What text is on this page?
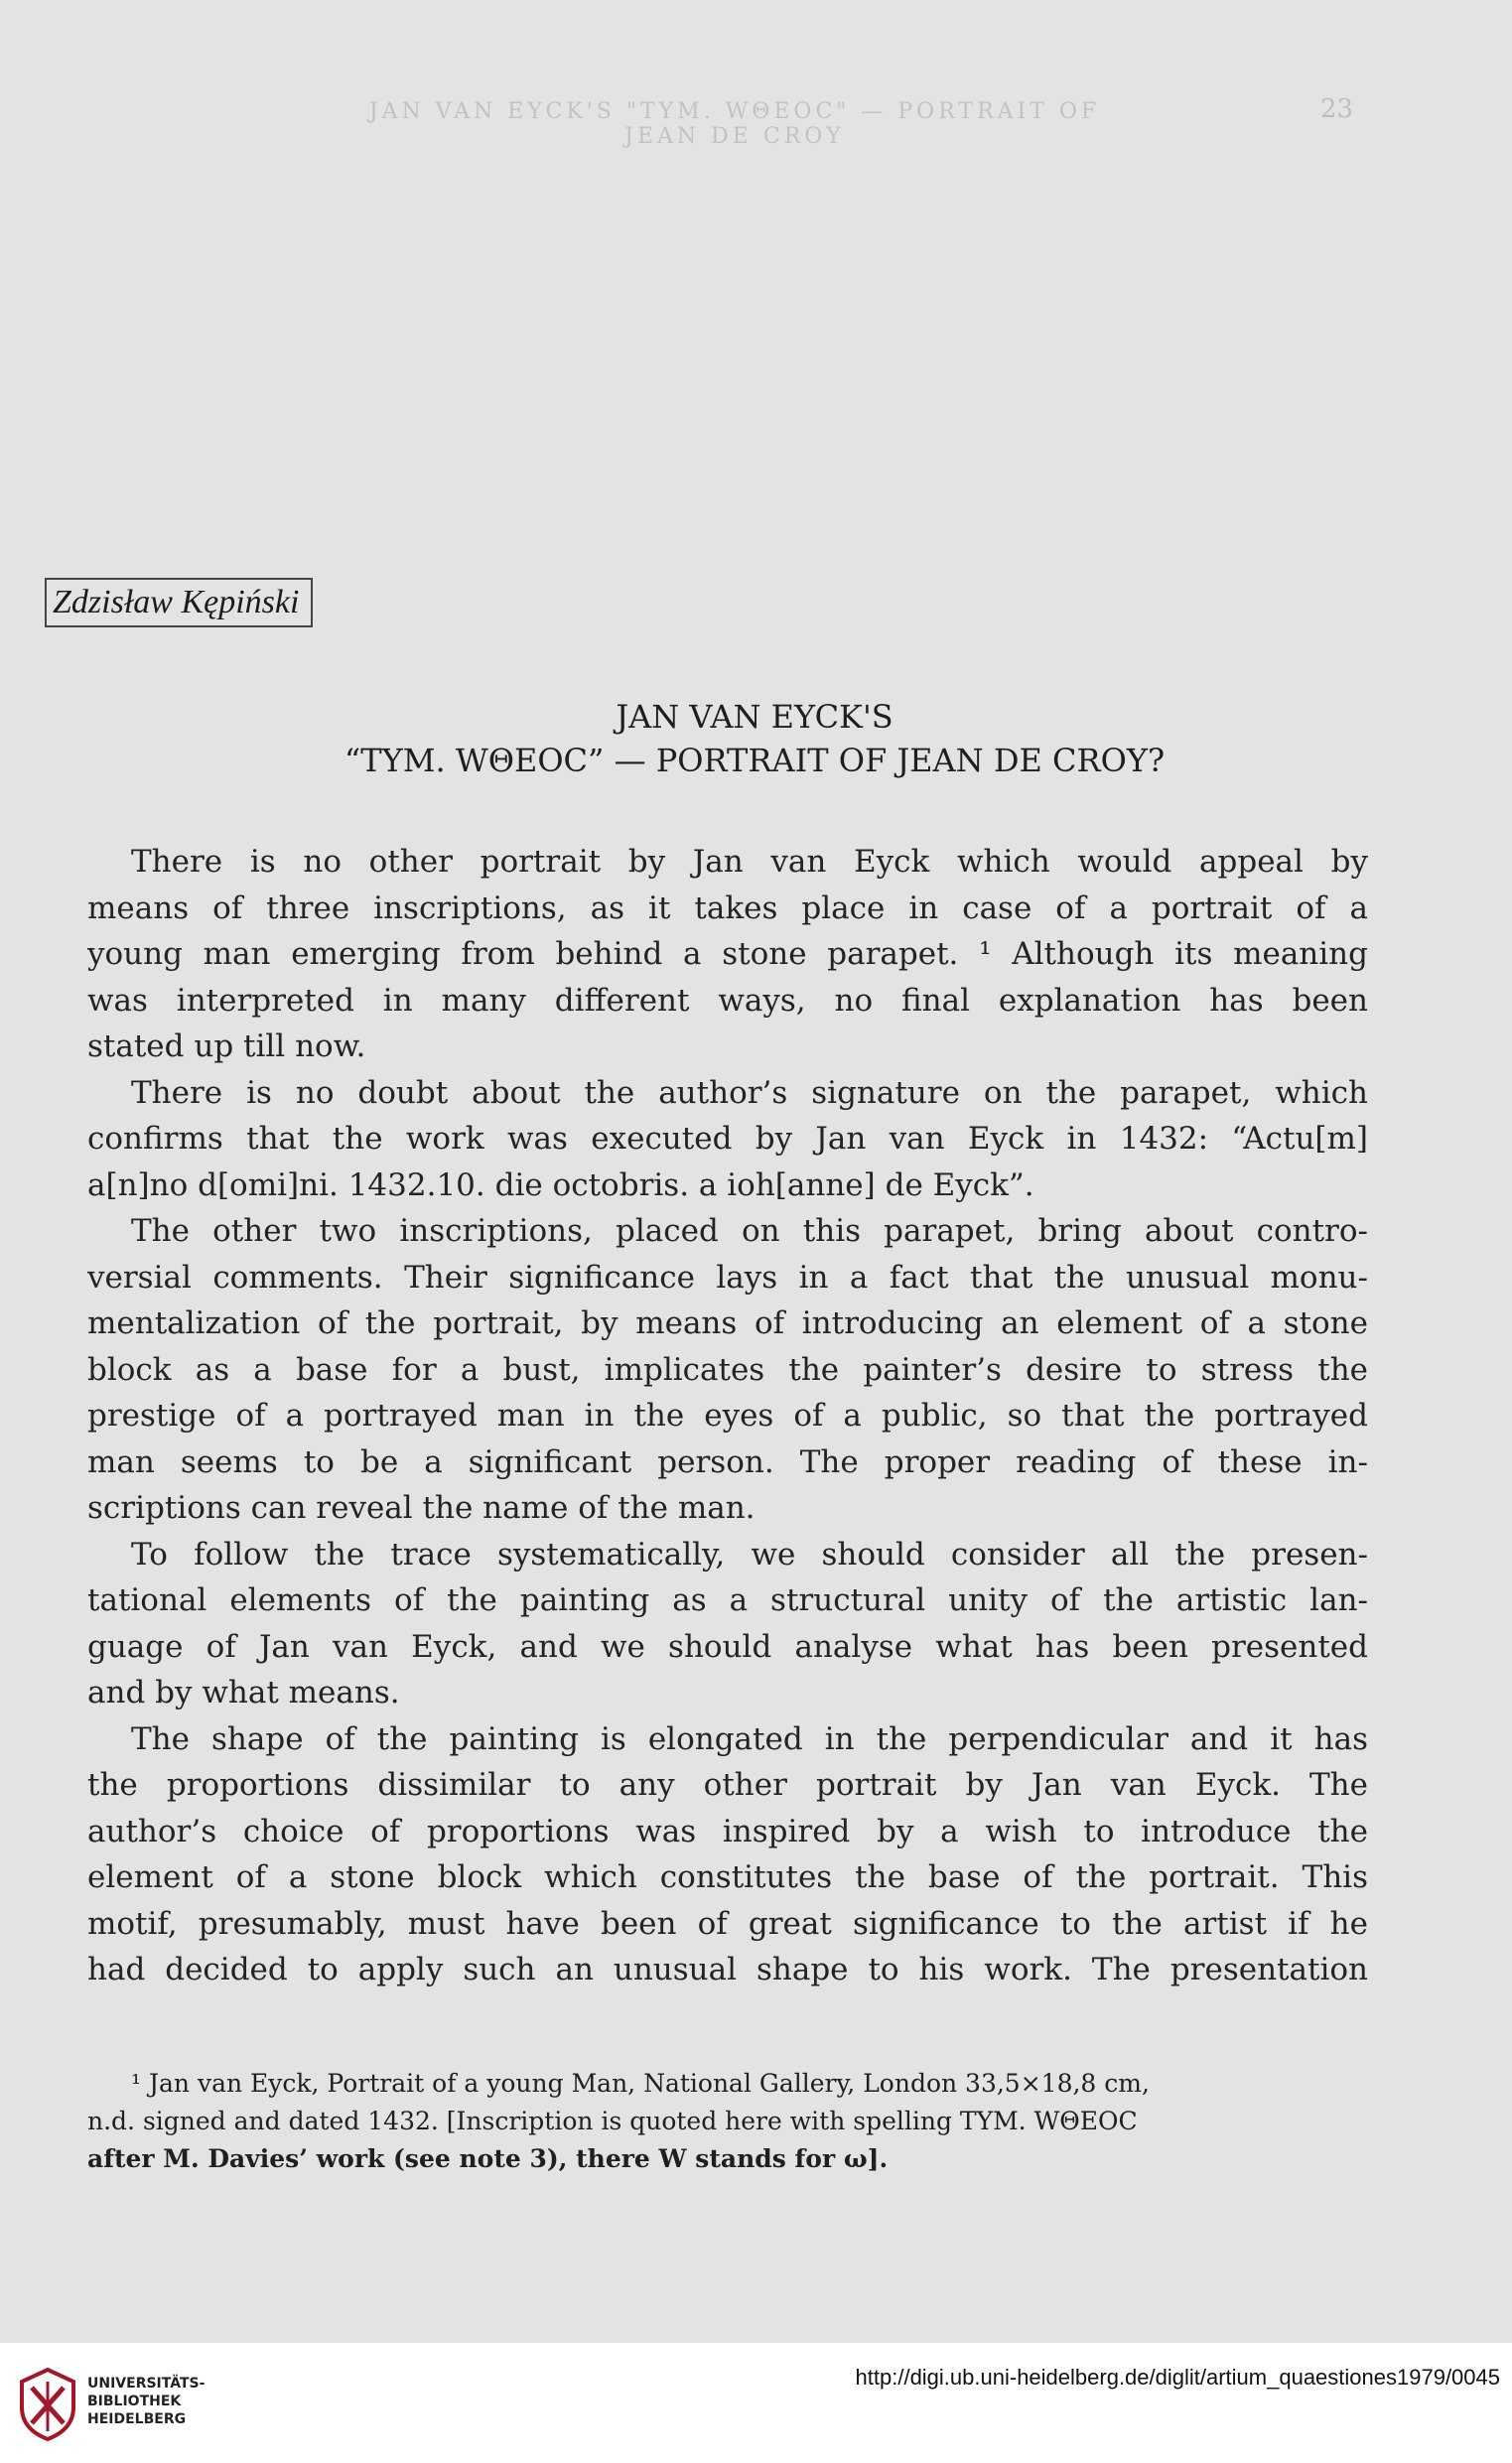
JAN VAN EYCK'S "TYM. WΘEOC" — PORTRAIT OF JEAN DE CROY
23
Zdzisław Kępiński
JAN VAN EYCK'S
“TYM. WΘEOC” — PORTRAIT OF JEAN DE CROY?

There is no other portrait by Jan van Eyck which would appeal by
means of three inscriptions, as it takes place in case of a portrait of a
young man emerging from behind a stone parapet. ¹ Although its meaning
was interpreted in many different ways, no final explanation has been
stated up till now.

There is no doubt about the author’s signature on the parapet, which
confirms that the work was executed by Jan van Eyck in 1432: “Actu[m]
a[n]no d[omi]ni. 1432.10. die octobris. a ioh[anne] de Eyck”.

The other two inscriptions, placed on this parapet, bring about contro-
versial comments. Their significance lays in a fact that the unusual monu-
mentalization of the portrait, by means of introducing an element of a stone
block as a base for a bust, implicates the painter’s desire to stress the
prestige of a portrayed man in the eyes of a public, so that the portrayed
man seems to be a significant person. The proper reading of these in-
scriptions can reveal the name of the man.

To follow the trace systematically, we should consider all the presen-
tational elements of the painting as a structural unity of the artistic lan-
guage of Jan van Eyck, and we should analyse what has been presented
and by what means.

The shape of the painting is elongated in the perpendicular and it has
the proportions dissimilar to any other portrait by Jan van Eyck. The
author’s choice of proportions was inspired by a wish to introduce the
element of a stone block which constitutes the base of the portrait. This
motif, presumably, must have been of great significance to the artist if he
had decided to apply such an unusual shape to his work. The presentation

¹ Jan van Eyck, Portrait of a young Man, National Gallery, London 33,5×18,8 cm,
n.d. signed and dated 1432. [Inscription is quoted here with spelling TYM. WΘEOC
after M. Davies’ work (see note 3), there W stands for ω].
UNIVERSITÄTS-
BIBLIOTHEK
HEIDELBERG
http://digi.ub.uni-heidelberg.de/diglit/artium_quaestiones1979/0045
